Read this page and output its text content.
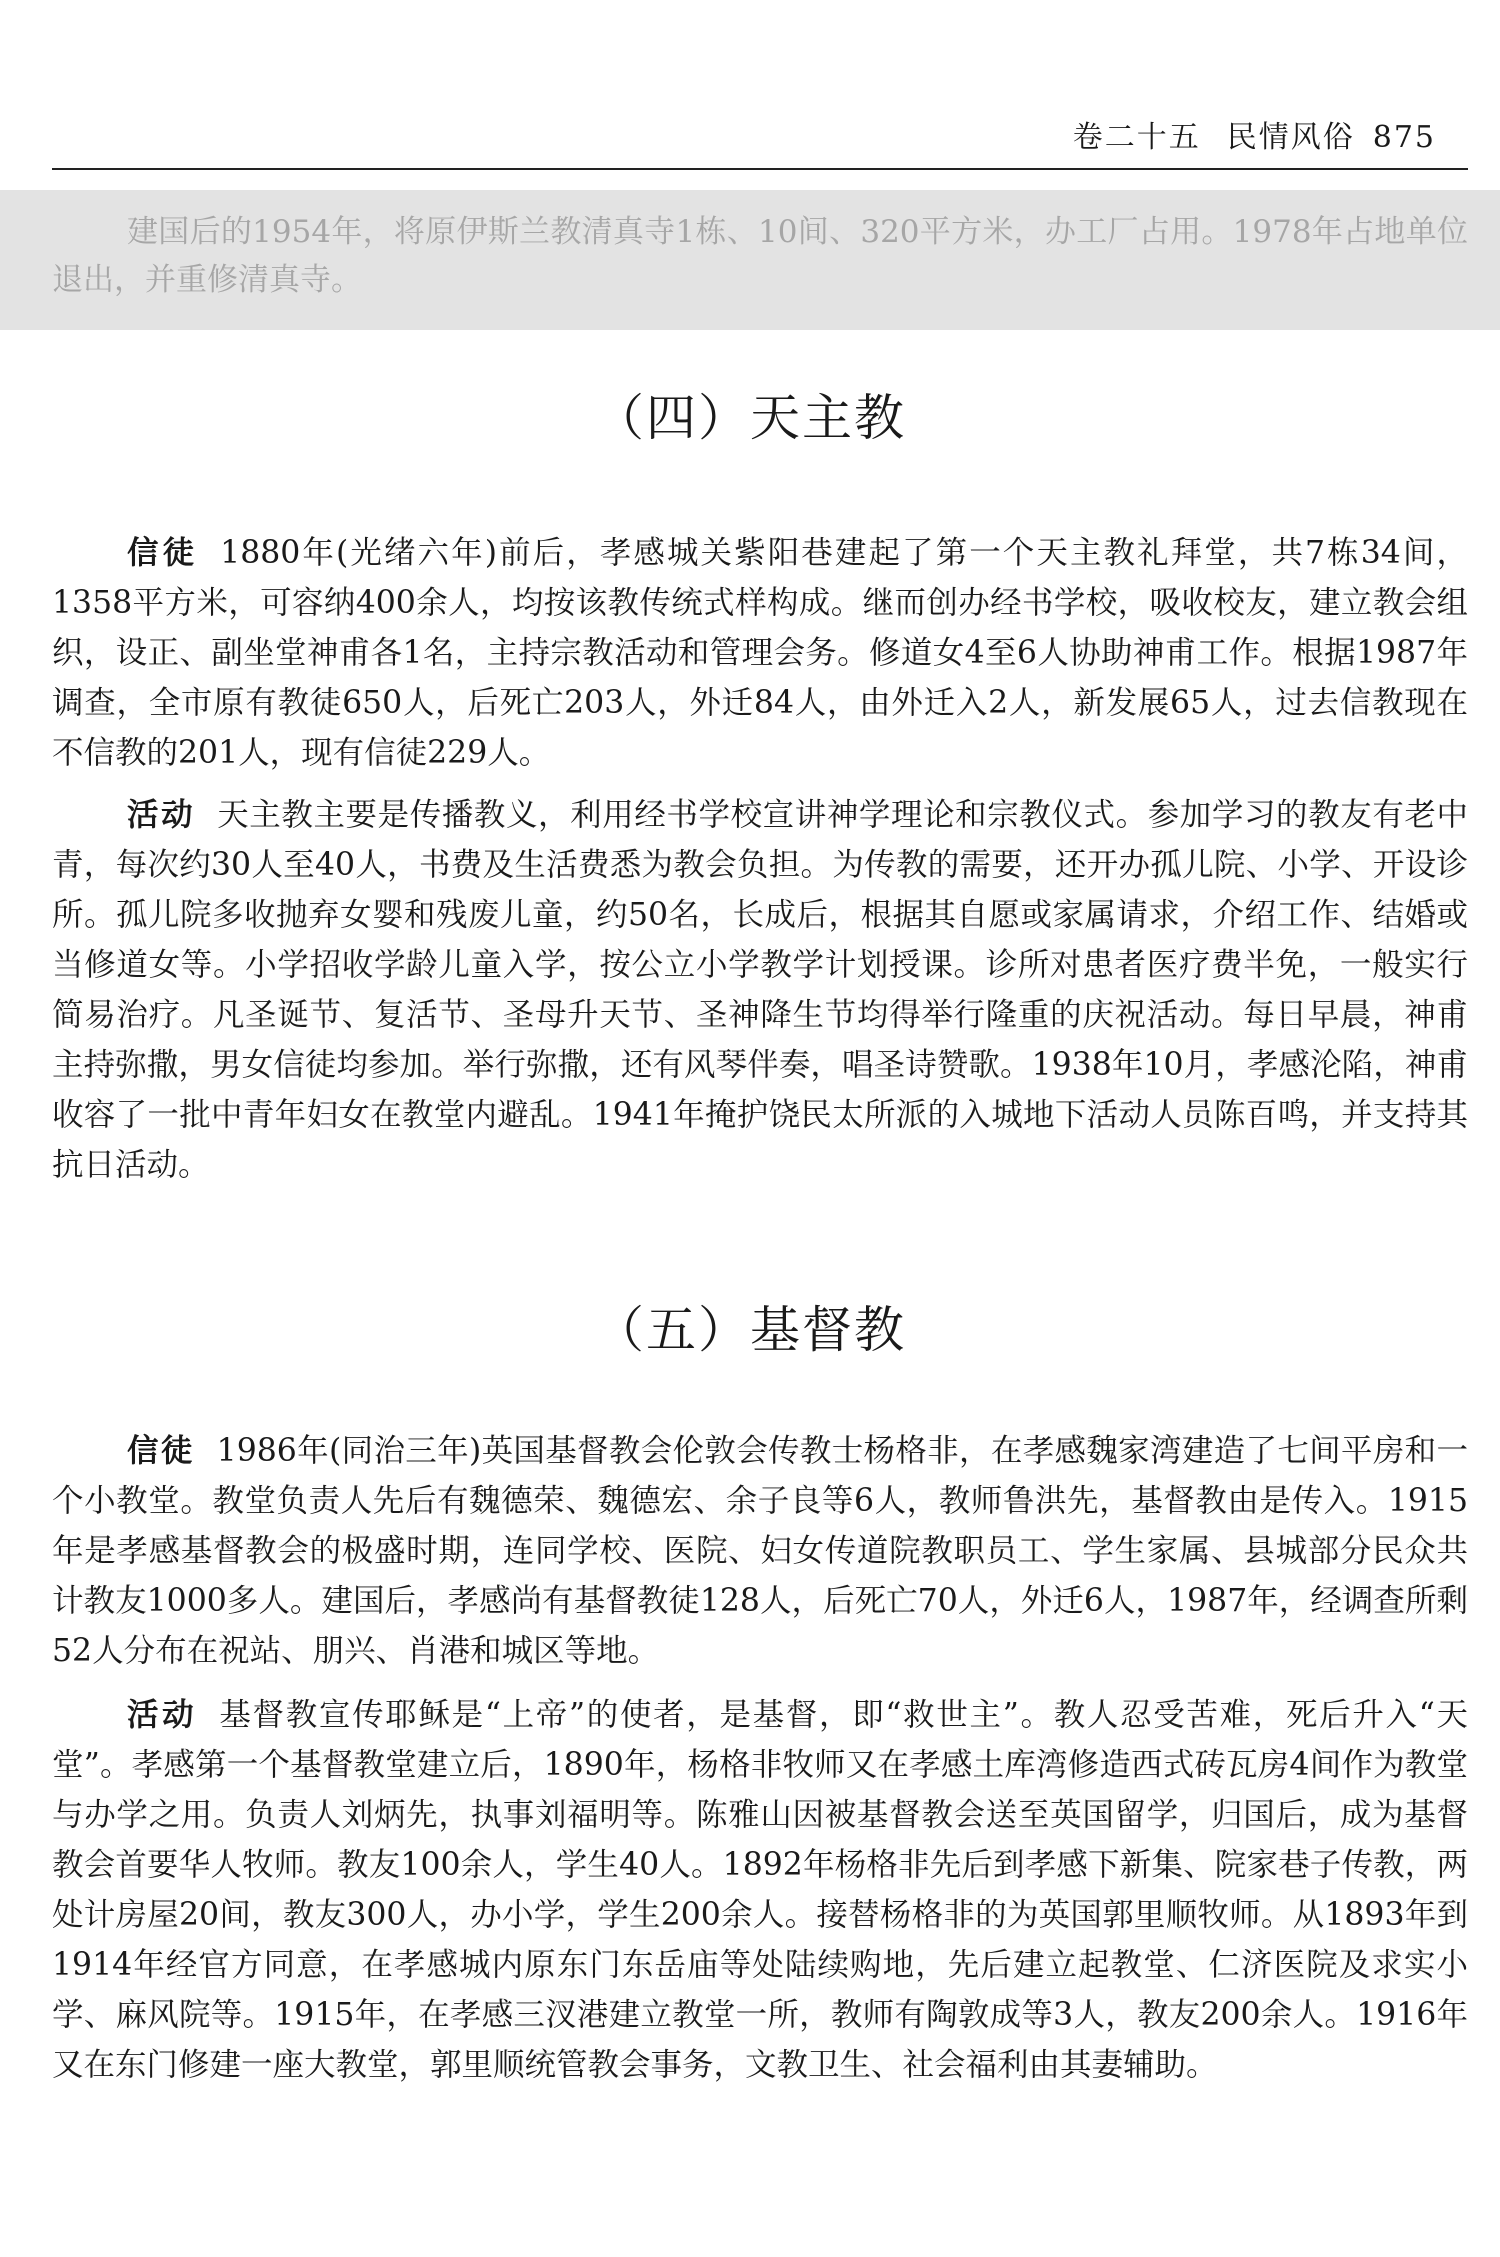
卷二十五 民情风俗 875

建国后的1954年，将原伊斯兰教清真寺1栋、10间、320平方米，办工厂占用。1978年占地单位退出，并重修清真寺。

（四）天主教

信徒 1880年(光绪六年)前后，孝感城关紫阳巷建起了第一个天主教礼拜堂，共7栋34间，1358平方米，可容纳400余人，均按该教传统式样构成。继而创办经书学校，吸收校友，建立教会组织，设正、副坐堂神甫各1名，主持宗教活动和管理会务。修道女4至6人协助神甫工作。根据1987年调查，全市原有教徒650人，后死亡203人，外迁84人，由外迁入2人，新发展65人，过去信教现在不信教的201人，现有信徒229人。

活动 天主教主要是传播教义，利用经书学校宣讲神学理论和宗教仪式。参加学习的教友有老中青，每次约30人至40人，书费及生活费悉为教会负担。为传教的需要，还开办孤儿院、小学、开设诊所。孤儿院多收抛弃女婴和残废儿童，约50名，长成后，根据其自愿或家属请求，介绍工作、结婚或当修道女等。小学招收学龄儿童入学，按公立小学教学计划授课。诊所对患者医疗费半免，一般实行简易治疗。凡圣诞节、复活节、圣母升天节、圣神降生节均得举行隆重的庆祝活动。每日早晨，神甫主持弥撒，男女信徒均参加。举行弥撒，还有风琴伴奏，唱圣诗赞歌。1938年10月，孝感沦陷，神甫收容了一批中青年妇女在教堂内避乱。1941年掩护饶民太所派的入城地下活动人员陈百鸣，并支持其抗日活动。

（五）基督教

信徒 1986年(同治三年)英国基督教会伦敦会传教士杨格非，在孝感魏家湾建造了七间平房和一个小教堂。教堂负责人先后有魏德荣、魏德宏、余子良等6人，教师鲁洪先，基督教由是传入。1915年是孝感基督教会的极盛时期，连同学校、医院、妇女传道院教职员工、学生家属、县城部分民众共计教友1000多人。建国后，孝感尚有基督教徒128人，后死亡70人，外迁6人，1987年，经调查所剩52人分布在祝站、朋兴、肖港和城区等地。

活动 基督教宣传耶稣是“上帝”的使者，是基督，即“救世主”。教人忍受苦难，死后升入“天堂”。孝感第一个基督教堂建立后，1890年，杨格非牧师又在孝感土库湾修造西式砖瓦房4间作为教堂与办学之用。负责人刘炳先，执事刘福明等。陈雅山因被基督教会送至英国留学，归国后，成为基督教会首要华人牧师。教友100余人，学生40人。1892年杨格非先后到孝感下新集、院家巷子传教，两处计房屋20间，教友300人，办小学，学生200余人。接替杨格非的为英国郭里顺牧师。从1893年到1914年经官方同意，在孝感城内原东门东岳庙等处陆续购地，先后建立起教堂、仁济医院及求实小学、麻风院等。1915年，在孝感三汊港建立教堂一所，教师有陶敦成等3人，教友200余人。1916年又在东门修建一座大教堂，郭里顺统管教会事务，文教卫生、社会福利由其妻辅助。
